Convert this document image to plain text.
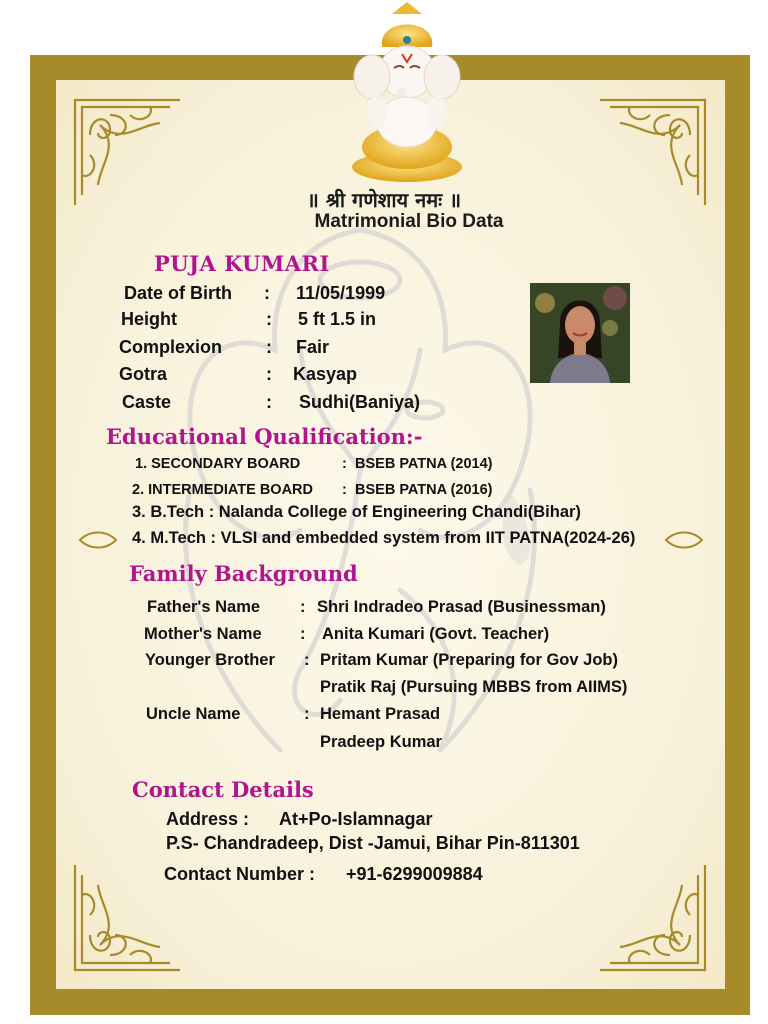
॥ श्री गणेशाय नमः ॥
Matrimonial Bio Data
PUJA KUMARI
Date of Birth : 11/05/1999
Height	: 5 ft 1.5 in
Complexion : Fair
Gotra	: Kasyap
Caste	: Sudhi(Baniya)
Educational Qualification:-
1. SECONDARY BOARD	: BSEB PATNA (2014)
2. INTERMEDIATE BOARD : BSEB PATNA (2016)
3. B.Tech : Nalanda College of Engineering Chandi(Bihar)
4. M.Tech : VLSI and embedded system from IIT PATNA(2024-26)
Family Background
Father's Name : Shri Indradeo Prasad (Businessman)
Mother's Name : Anita Kumari (Govt. Teacher)
Younger Brother : Pritam Kumar (Preparing for Gov Job)
Pratik Raj (Pursuing MBBS from AIIMS)
Uncle Name	: Hemant Prasad
Pradeep Kumar
Contact Details
Address : At+Po-Islamnagar
P.S- Chandradeep, Dist -Jamui, Bihar Pin-811301
Contact Number : +91-6299009884
